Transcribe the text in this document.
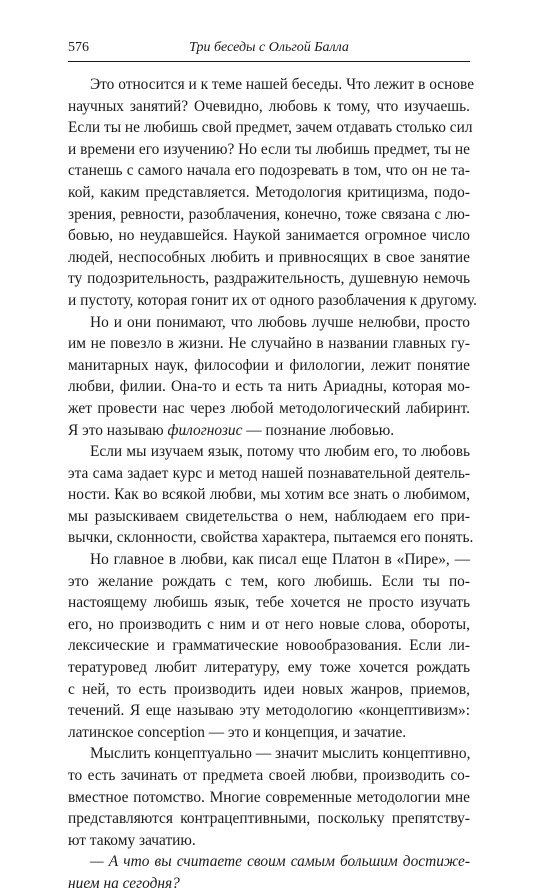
576	Три беседы с Ольгой Балла
Это относится и к теме нашей беседы. Что лежит в основе
научных занятий? Очевидно, любовь к тому, что изучаешь.
Если ты не любишь свой предмет, зачем отдавать столько сил
и времени его изучению? Но если ты любишь предмет, ты не
станешь с самого начала его подозревать в том, что он не та-
кой, каким представляется. Методология критицизма, подо-
зрения, ревности, разоблачения, конечно, тоже связана с лю-
бовью, но неудавшейся. Наукой занимается огромное число
людей, неспособных любить и привносящих в свое занятие
ту подозрительность, раздражительность, душевную немочь
и пустоту, которая гонит их от одного разоблачения к другому.
Но и они понимают, что любовь лучше нелюбви, просто
им не повезло в жизни. Не случайно в названии главных гу-
манитарных наук, философии и филологии, лежит понятие
любви, филии. Она-то и есть та нить Ариадны, которая мо-
жет провести нас через любой методологический лабиринт.
Я это называю филогнозис — познание любовью.
Если мы изучаем язык, потому что любим его, то любовь
эта сама задает курс и метод нашей познавательной деятель-
ности. Как во всякой любви, мы хотим все знать о любимом,
мы разыскиваем свидетельства о нем, наблюдаем его при-
вычки, склонности, свойства характера, пытаемся его понять.
Но главное в любви, как писал еще Платон в «Пире», —
это желание рождать с тем, кого любишь. Если ты по-
настоящему любишь язык, тебе хочется не просто изучать
его, но производить с ним и от него новые слова, обороты,
лексические и грамматические новообразования. Если ли-
тературовед любит литературу, ему тоже хочется рождать
с ней, то есть производить идеи новых жанров, приемов,
течений. Я еще называю эту методологию «концептивизм»:
латинское conception — это и концепция, и зачатие.
Мыслить концептуально — значит мыслить концептивно,
то есть зачинать от предмета своей любви, производить со-
вместное потомство. Многие современные методологии мне
представляются контрацептивными, поскольку препятству-
ют такому зачатию.
— А что вы считаете своим самым большим достиже-
нием на сегодня?
